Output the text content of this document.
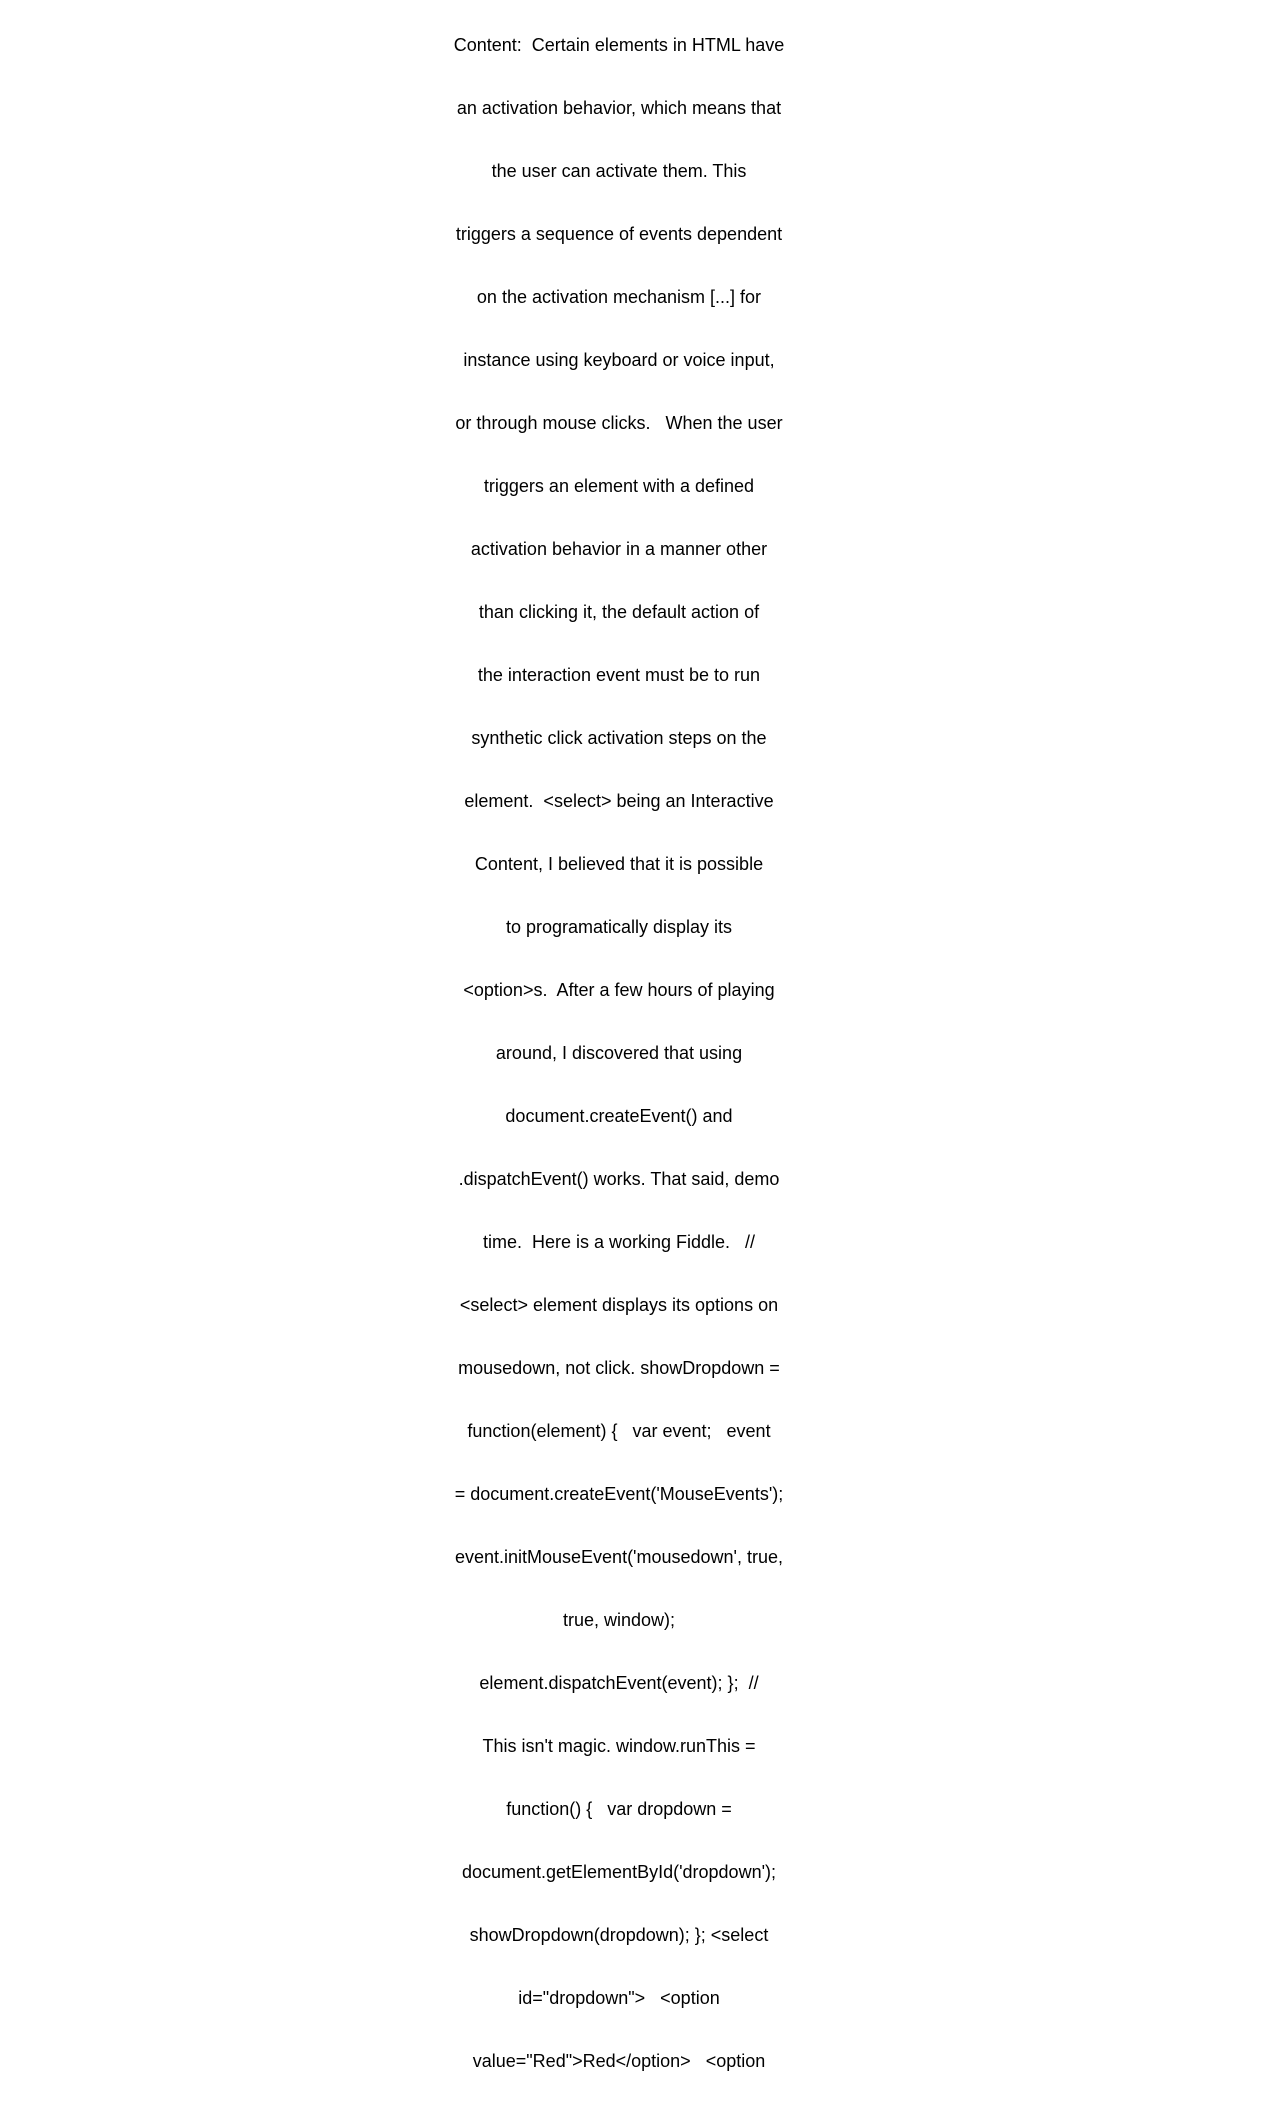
Content:  Certain elements in HTML have

an activation behavior, which means that

the user can activate them. This

triggers a sequence of events dependent

on the activation mechanism [...] for

instance using keyboard or voice input,

or through mouse clicks.   When the user

triggers an element with a defined

activation behavior in a manner other

than clicking it, the default action of

the interaction event must be to run

synthetic click activation steps on the

element.  <select> being an Interactive

Content, I believed that it is possible

to programatically display its

<option>s.  After a few hours of playing

around, I discovered that using

document.createEvent() and

.dispatchEvent() works. That said, demo

time.  Here is a working Fiddle.   //

<select> element displays its options on

mousedown, not click. showDropdown =

function(element) {   var event;   event

= document.createEvent('MouseEvents');

event.initMouseEvent('mousedown', true,

true, window);

element.dispatchEvent(event); };  //

This isn't magic. window.runThis =

function() {   var dropdown =

document.getElementById('dropdown');

showDropdown(dropdown); }; <select

id="dropdown">   <option

value="Red">Red</option>   <option
